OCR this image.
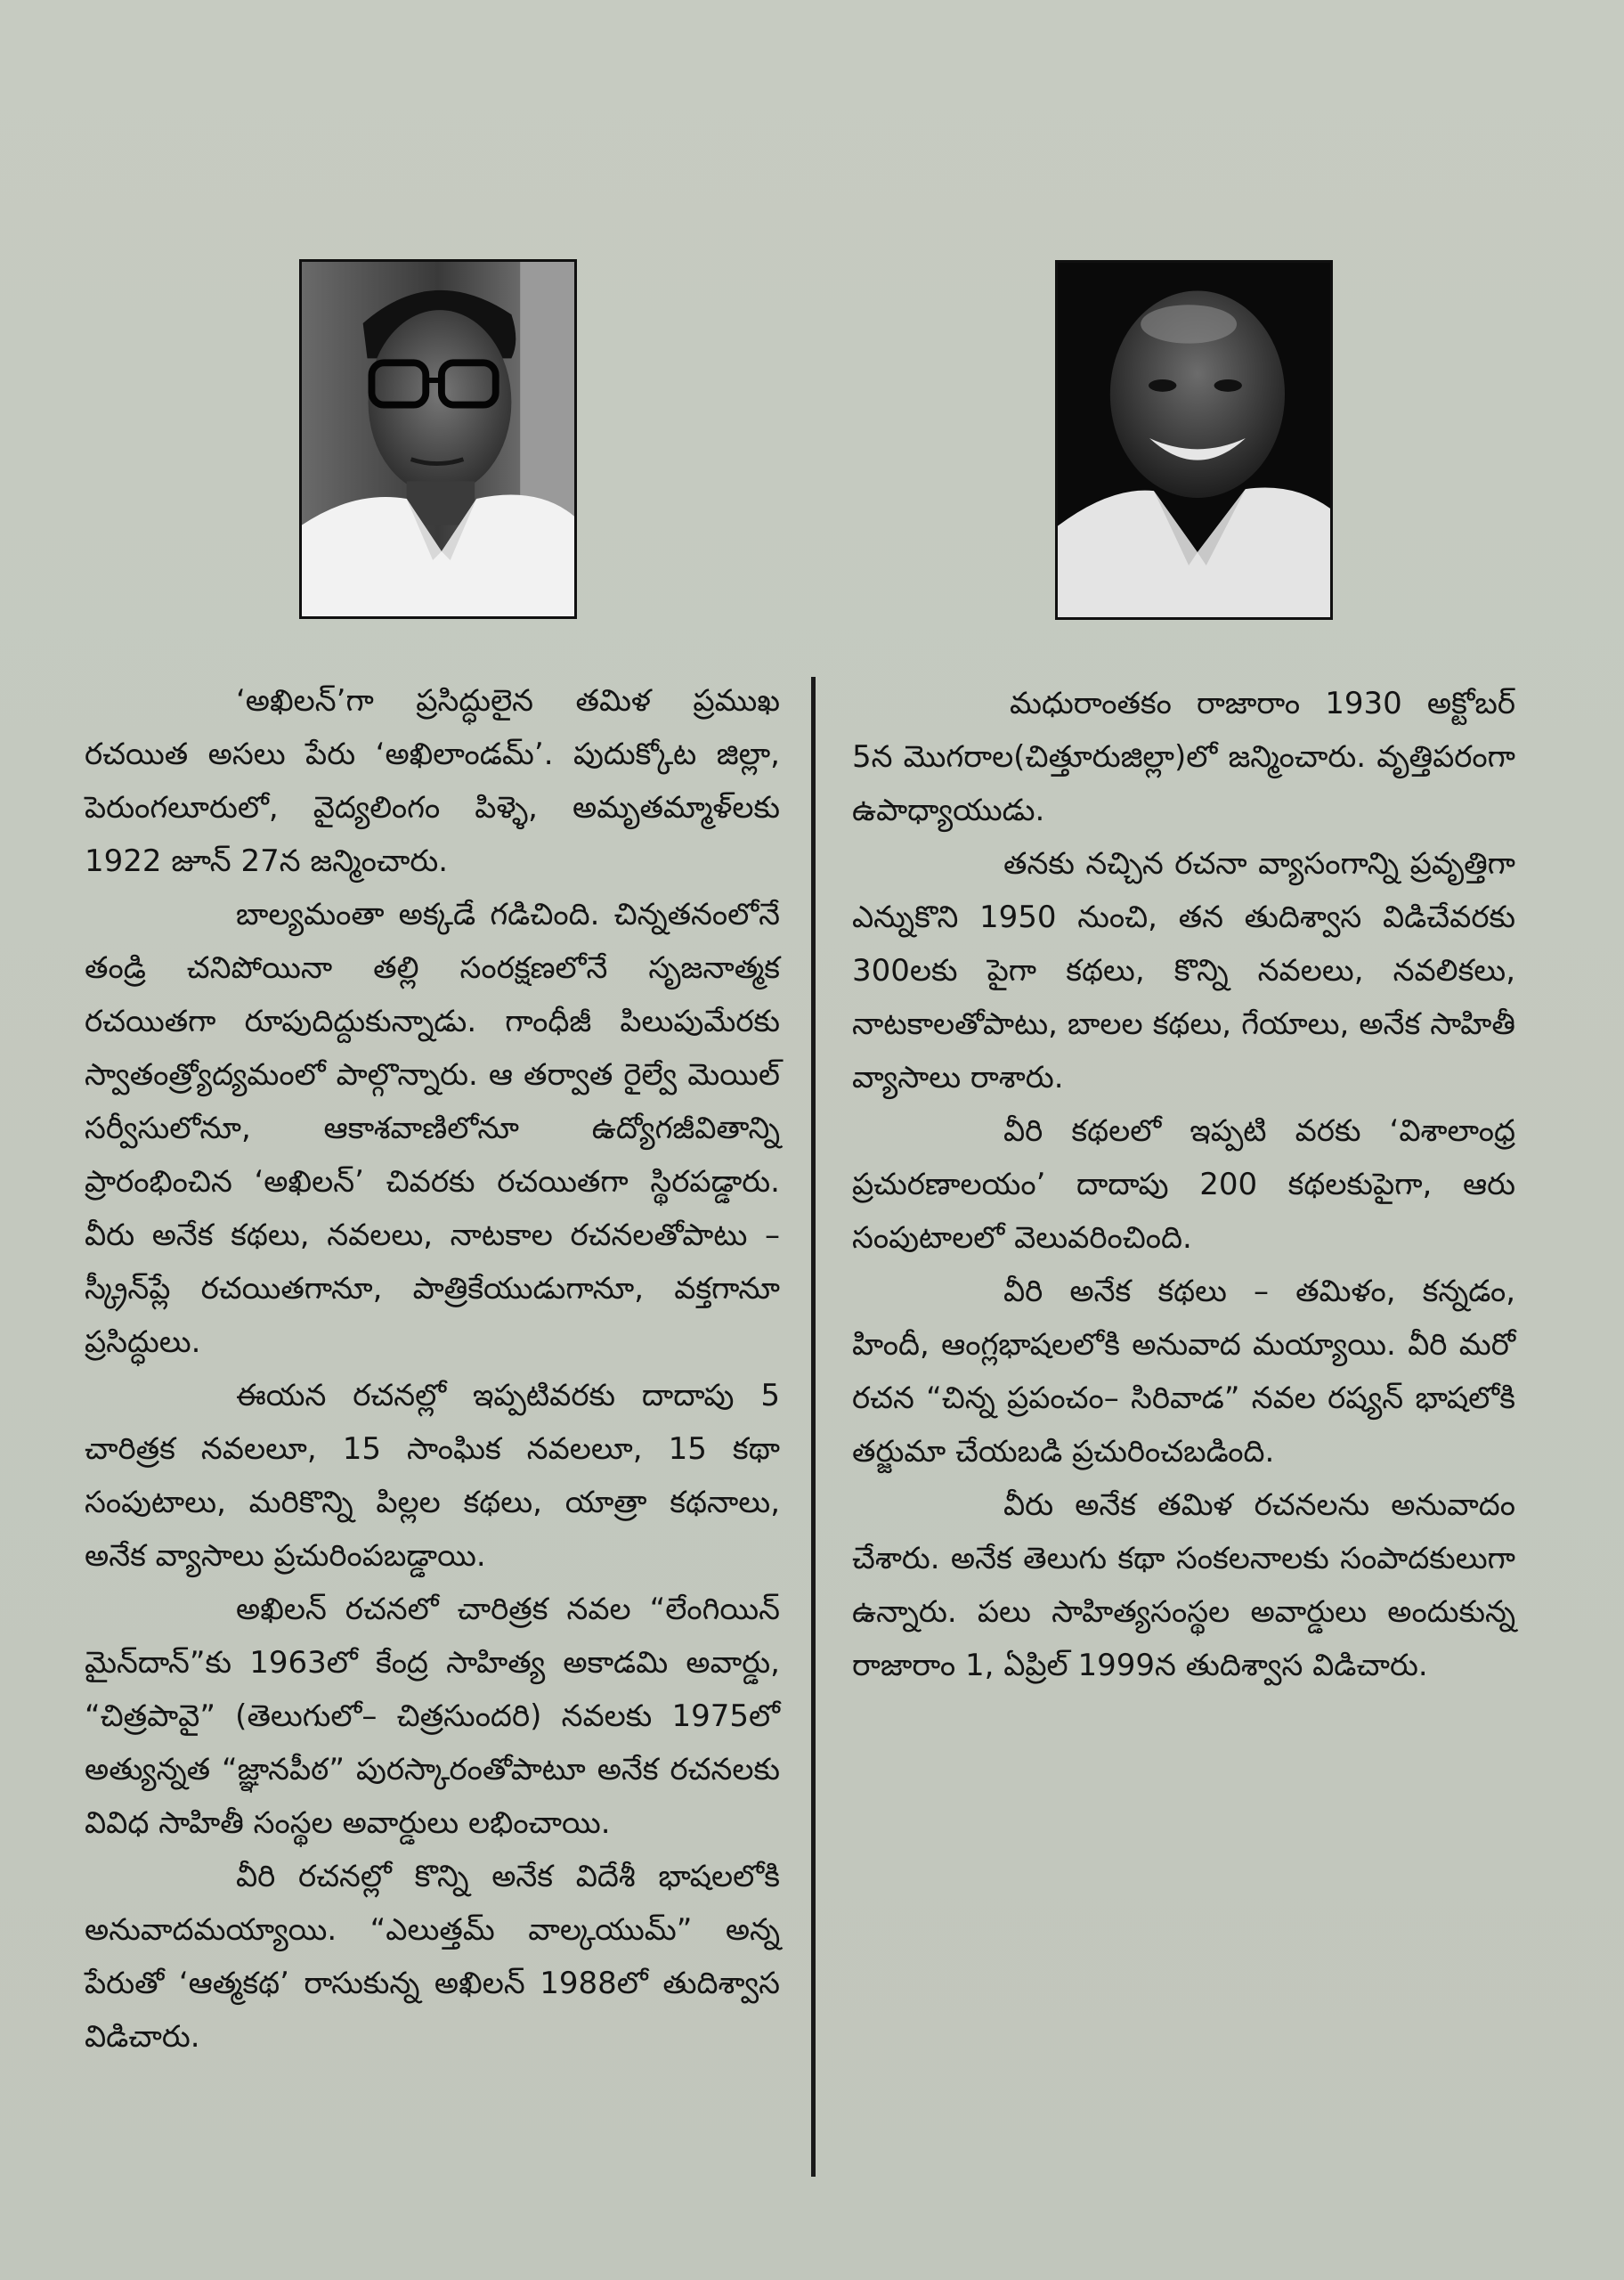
‘అఖిలన్’గా ప్రసిద్ధులైన తమిళ ప్రముఖ రచయిత అసలు పేరు ‘అఖిలాండమ్’. పుదుక్కోట జిల్లా, పెరుంగలూరులో, వైద్యలింగం పిళ్ళె, అమృతమ్మాళ్‌లకు 1922 జూన్ 27న జన్మించారు.

బాల్యమంతా అక్కడే గడిచింది. చిన్నతనంలోనే తండ్రి చనిపోయినా తల్లి సంరక్షణలోనే సృజనాత్మక రచయితగా రూపుదిద్దుకున్నాడు. గాంధీజీ పిలుపుమేరకు స్వాతంత్ర్యోద్యమంలో పాల్గొన్నారు. ఆ తర్వాత రైల్వే మెయిల్ సర్వీసులోనూ, ఆకాశవాణిలోనూ ఉద్యోగజీవితాన్ని ప్రారంభించిన ‘అఖిలన్’ చివరకు రచయితగా స్థిరపడ్డారు. వీరు అనేక కథలు, నవలలు, నాటకాల రచనలతోపాటు – స్క్రీన్‌ప్లే రచయితగానూ, పాత్రికేయుడుగానూ, వక్తగానూ ప్రసిద్ధులు.

ఈయన రచనల్లో ఇప్పటివరకు దాదాపు 5 చారిత్రక నవలలూ, 15 సాంఘిక నవలలూ, 15 కథా సంపుటాలు, మరికొన్ని పిల్లల కథలు, యాత్రా కథనాలు, అనేక వ్యాసాలు ప్రచురింపబడ్డాయి.

అఖిలన్ రచనలో చారిత్రక నవల “లేంగియిన్ మైన్‌దాన్”కు 1963లో కేంద్ర సాహిత్య అకాడమి అవార్డు, “చిత్రపావై” (తెలుగులో– చిత్రసుందరి) నవలకు 1975లో అత్యున్నత “జ్ఞానపీఠ” పురస్కారంతోపాటూ అనేక రచనలకు వివిధ సాహితీ సంస్థల అవార్డులు లభించాయి.

వీరి రచనల్లో కొన్ని అనేక విదేశీ భాషలలోకి అనువాదమయ్యాయి. “ఎలుత్తమ్ వాల్కయుమ్” అన్న పేరుతో ‘ఆత్మకథ’ రాసుకున్న అఖిలన్ 1988లో తుదిశ్వాస విడిచారు.

మధురాంతకం రాజారాం 1930 అక్టోబర్ 5న మొగరాల(చిత్తూరుజిల్లా)లో జన్మించారు. వృత్తిపరంగా ఉపాధ్యాయుడు.

తనకు నచ్చిన రచనా వ్యాసంగాన్ని ప్రవృత్తిగా ఎన్నుకొని 1950 నుంచి, తన తుదిశ్వాస విడిచేవరకు 300లకు పైగా కథలు, కొన్ని నవలలు, నవలికలు, నాటకాలతోపాటు, బాలల కథలు, గేయాలు, అనేక సాహితీ వ్యాసాలు రాశారు.

వీరి కథలలో ఇప్పటి వరకు ‘విశాలాంధ్ర ప్రచురణాలయం’ దాదాపు 200 కథలకుపైగా, ఆరు సంపుటాలలో వెలువరించింది.

వీరి అనేక కథలు – తమిళం, కన్నడం, హిందీ, ఆంగ్లభాషలలోకి అనువాద మయ్యాయి. వీరి మరో రచన “చిన్న ప్రపంచం– సిరివాడ” నవల రష్యన్ భాషలోకి తర్జుమా చేయబడి ప్రచురించబడింది.

వీరు అనేక తమిళ రచనలను అనువాదం చేశారు. అనేక తెలుగు కథా సంకలనాలకు సంపాదకులుగా ఉన్నారు. పలు సాహిత్యసంస్థల అవార్డులు అందుకున్న రాజారాం 1, ఏప్రిల్ 1999న తుదిశ్వాస విడిచారు.
